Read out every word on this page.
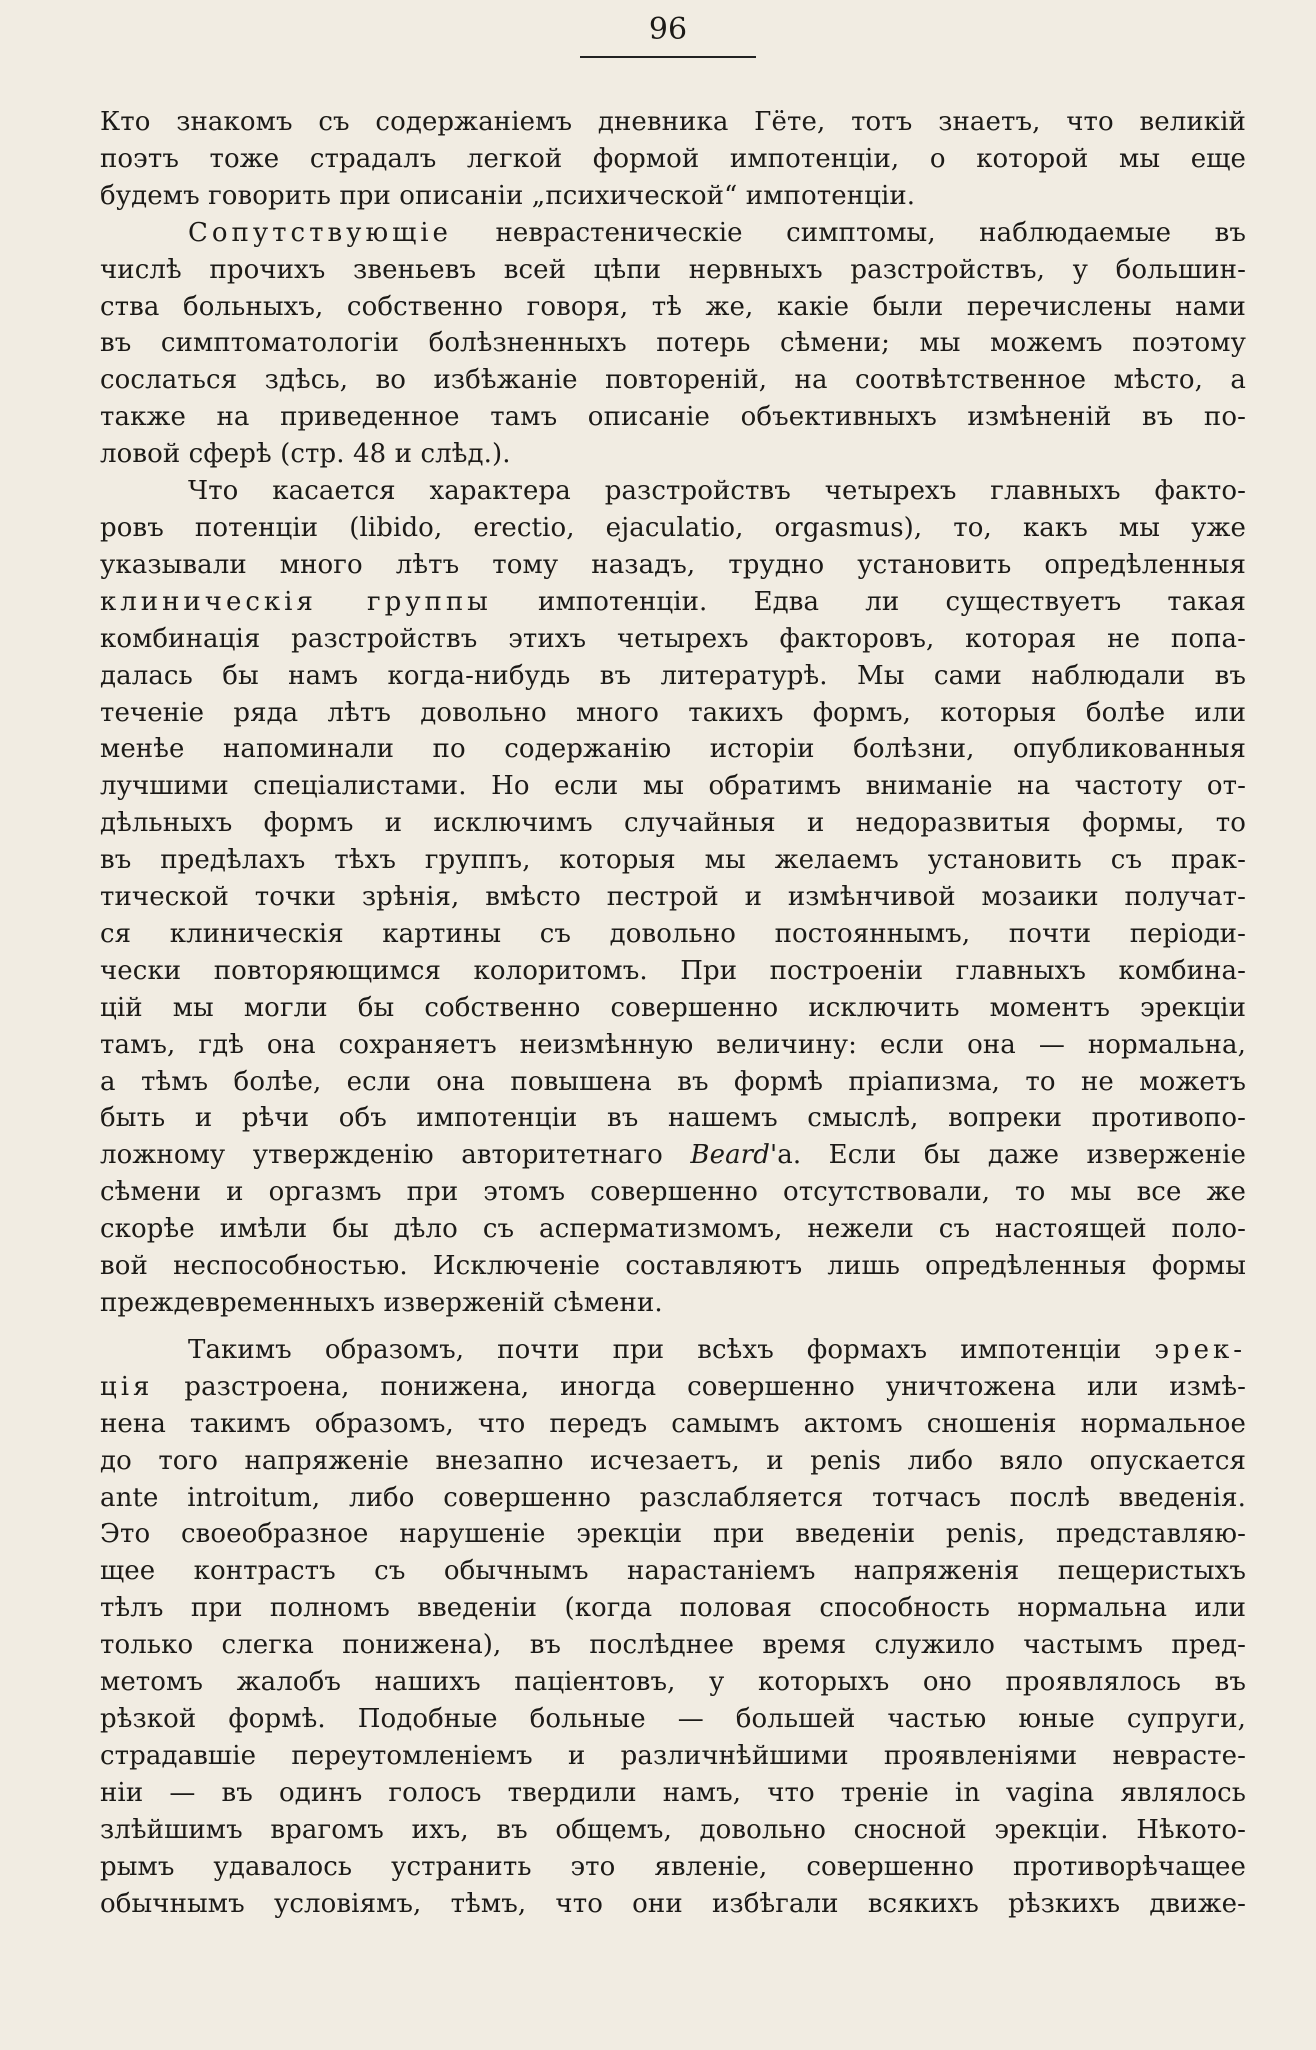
96

Кто знакомъ съ содержаніемъ дневника Гёте, тотъ знаетъ, что великій

поэтъ тоже страдалъ легкой формой импотенціи, о которой мы еще

будемъ говорить при описаніи „психической“ импотенціи.

Сопутствующіе невраcтеническіе симптомы, наблюдаемые въ

числѣ прочихъ звеньевъ всей цѣпи нервныхъ разстройствъ, у большин-

ства больныхъ, собственно говоря, тѣ же, какіе были перечислены нами

въ симптоматологіи болѣзненныхъ потерь сѣмени; мы можемъ поэтому

сослаться здѣсь, во избѣжаніе повтореній, на соотвѣтственное мѣсто, а

также на приведенное тамъ описаніе объективныхъ измѣненій въ по-

ловой сферѣ (стр. 48 и слѣд.).

Что касается характера разстройствъ четырехъ главныхъ факто-

ровъ потенціи (libido, erectio, ejaculatio, orgasmus), то, какъ мы уже

указывали много лѣтъ тому назадъ, трудно установить опредѣленныя

клиническія группы импотенціи. Едва ли существуетъ такая

комбинація разстройствъ этихъ четырехъ факторовъ, которая не попа-

далась бы намъ когда-нибудь въ литературѣ. Мы сами наблюдали въ

теченіе ряда лѣтъ довольно много такихъ формъ, которыя болѣе или

менѣе напоминали по содержанію исторіи болѣзни, опубликованныя

лучшими спеціалистами. Но если мы обратимъ вниманіе на частоту от-

дѣльныхъ формъ и исключимъ случайныя и недоразвитыя формы, то

въ предѣлахъ тѣхъ группъ, которыя мы желаемъ установить съ прак-

тической точки зрѣнія, вмѣсто пестрой и измѣнчивой мозаики получат-

ся клиническія картины съ довольно постояннымъ, почти періоди-

чески повторяющимся колоритомъ. При построеніи главныхъ комбина-

цій мы могли бы собственно совершенно исключить моментъ эрекціи

тамъ, гдѣ она сохраняетъ неизмѣнную величину: если она — нормальна,

а тѣмъ болѣе, если она повышена въ формѣ пріапизма, то не можетъ

быть и рѣчи объ импотенціи въ нашемъ смыслѣ, вопреки противопо-

ложному утвержденію авторитетнаго Beard'а. Если бы даже изверженіе

сѣмени и оргазмъ при этомъ совершенно отсутствовали, то мы все же

скорѣе имѣли бы дѣло съ аспермaтизмомъ, нежели съ настоящей поло-

вой неспособностью. Исключеніе составляютъ лишь опредѣленныя формы

преждевременныхъ изверженій сѣмени.

Такимъ образомъ, почти при всѣхъ формахъ импотенціи эрек-

ція разстроена, понижена, иногда совершенно уничтожена или измѣ-

нена такимъ образомъ, что передъ самымъ актомъ сношенія нормальное

до того напряженіе внезапно исчезаетъ, и penis либо вяло опускается

ante introitum, либо совершенно разслабляется тотчасъ послѣ введенія.

Это своеобразное нарушеніе эрекціи при введеніи penis, представляю-

щее контрастъ съ обычнымъ нарастаніемъ напряженія пещеристыхъ

тѣлъ при полномъ введеніи (когда половая способность нормальна или

только слегка понижена), въ послѣднее время служило частымъ пред-

метомъ жалобъ нашихъ паціентовъ, у которыхъ оно проявлялось въ

рѣзкой формѣ. Подобные больные — большей частью юные супруги,

страдавшіе переутомленіемъ и различнѣйшими проявленіями неврасте-

ніи — въ одинъ голосъ твердили намъ, что треніе in vagina являлось

злѣйшимъ врагомъ ихъ, въ общемъ, довольно сносной эрекціи. Нѣкото-

рымъ удавалось устранить это явленіе, совершенно противорѣчащее

обычнымъ условіямъ, тѣмъ, что они избѣгали всякихъ рѣзкихъ движе-
